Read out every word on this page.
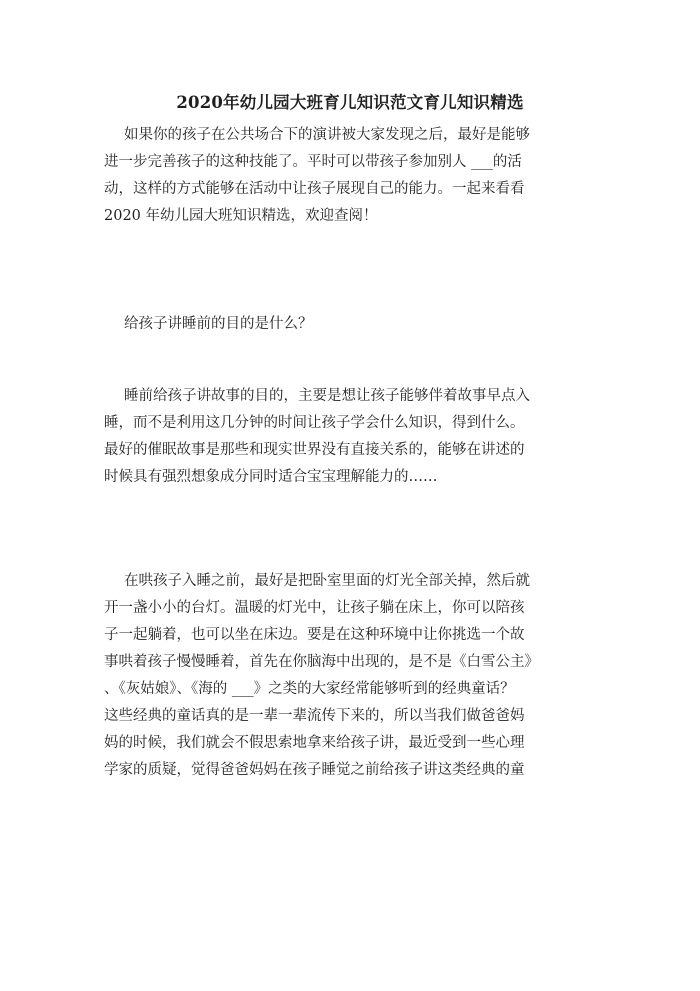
2020年幼儿园大班育儿知识范文育儿知识精选
如果你的孩子在公共场合下的演讲被大家发现之后，最好是能够
进一步完善孩子的这种技能了。平时可以带孩子参加别人 ___的活
动，这样的方式能够在活动中让孩子展现自己的能力。一起来看看
2020 年幼儿园大班知识精选，欢迎查阅！
给孩子讲睡前的目的是什么？
睡前给孩子讲故事的目的，主要是想让孩子能够伴着故事早点入
睡，而不是利用这几分钟的时间让孩子学会什么知识，得到什么。
最好的催眠故事是那些和现实世界没有直接关系的，能够在讲述的
时候具有强烈想象成分同时适合宝宝理解能力的……
在哄孩子入睡之前，最好是把卧室里面的灯光全部关掉，然后就
开一盏小小的台灯。温暖的灯光中，让孩子躺在床上，你可以陪孩
子一起躺着，也可以坐在床边。要是在这种环境中让你挑选一个故
事哄着孩子慢慢睡着，首先在你脑海中出现的，是不是《白雪公主》
、《灰姑娘》、《海的 ___》之类的大家经常能够听到的经典童话？
这些经典的童话真的是一辈一辈流传下来的，所以当我们做爸爸妈
妈的时候，我们就会不假思索地拿来给孩子讲，最近受到一些心理
学家的质疑，觉得爸爸妈妈在孩子睡觉之前给孩子讲这类经典的童
